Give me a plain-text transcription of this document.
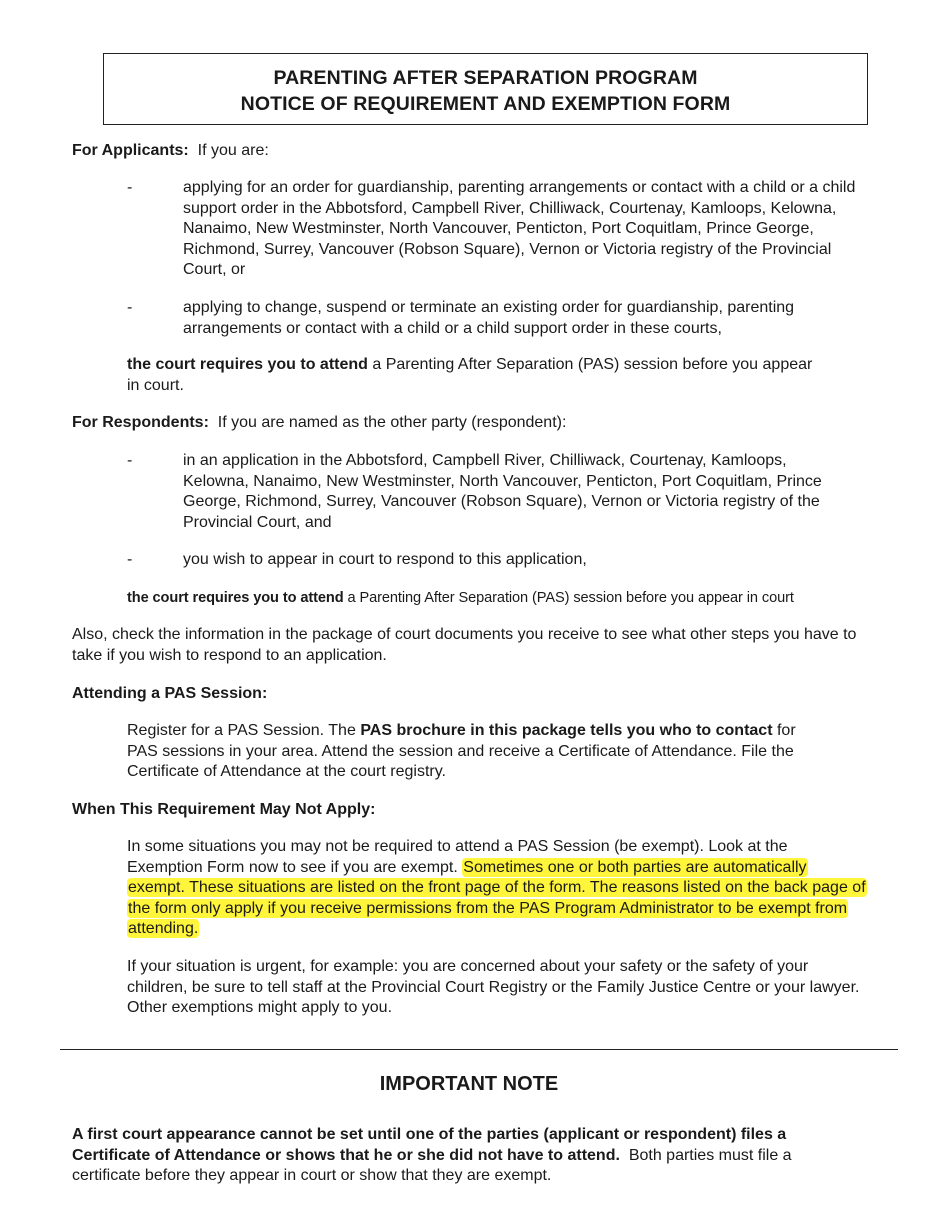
PARENTING AFTER SEPARATION PROGRAM
NOTICE OF REQUIREMENT AND EXEMPTION FORM
For Applicants: If you are:
-	applying for an order for guardianship, parenting arrangements or contact with a child or a child support order in the Abbotsford, Campbell River, Chilliwack, Courtenay, Kamloops, Kelowna, Nanaimo, New Westminster, North Vancouver, Penticton, Port Coquitlam, Prince George, Richmond, Surrey, Vancouver (Robson Square), Vernon or Victoria registry of the Provincial Court, or
-	applying to change, suspend or terminate an existing order for guardianship, parenting arrangements or contact with a child or a child support order in these courts,
the court requires you to attend a Parenting After Separation (PAS) session before you appear in court.
For Respondents: If you are named as the other party (respondent):
-	in an application in the Abbotsford, Campbell River, Chilliwack, Courtenay, Kamloops, Kelowna, Nanaimo, New Westminster, North Vancouver, Penticton, Port Coquitlam, Prince George, Richmond, Surrey, Vancouver (Robson Square), Vernon or Victoria registry of the Provincial Court, and
-	you wish to appear in court to respond to this application,
the court requires you to attend a Parenting After Separation (PAS) session before you appear in court
Also, check the information in the package of court documents you receive to see what other steps you have to take if you wish to respond to an application.
Attending a PAS Session:
Register for a PAS Session. The PAS brochure in this package tells you who to contact for PAS sessions in your area. Attend the session and receive a Certificate of Attendance. File the Certificate of Attendance at the court registry.
When This Requirement May Not Apply:
In some situations you may not be required to attend a PAS Session (be exempt). Look at the Exemption Form now to see if you are exempt. Sometimes one or both parties are automatically exempt. These situations are listed on the front page of the form. The reasons listed on the back page of the form only apply if you receive permissions from the PAS Program Administrator to be exempt from attending.
If your situation is urgent, for example: you are concerned about your safety or the safety of your children, be sure to tell staff at the Provincial Court Registry or the Family Justice Centre or your lawyer. Other exemptions might apply to you.
IMPORTANT NOTE
A first court appearance cannot be set until one of the parties (applicant or respondent) files a Certificate of Attendance or shows that he or she did not have to attend. Both parties must file a certificate before they appear in court or show that they are exempt.
